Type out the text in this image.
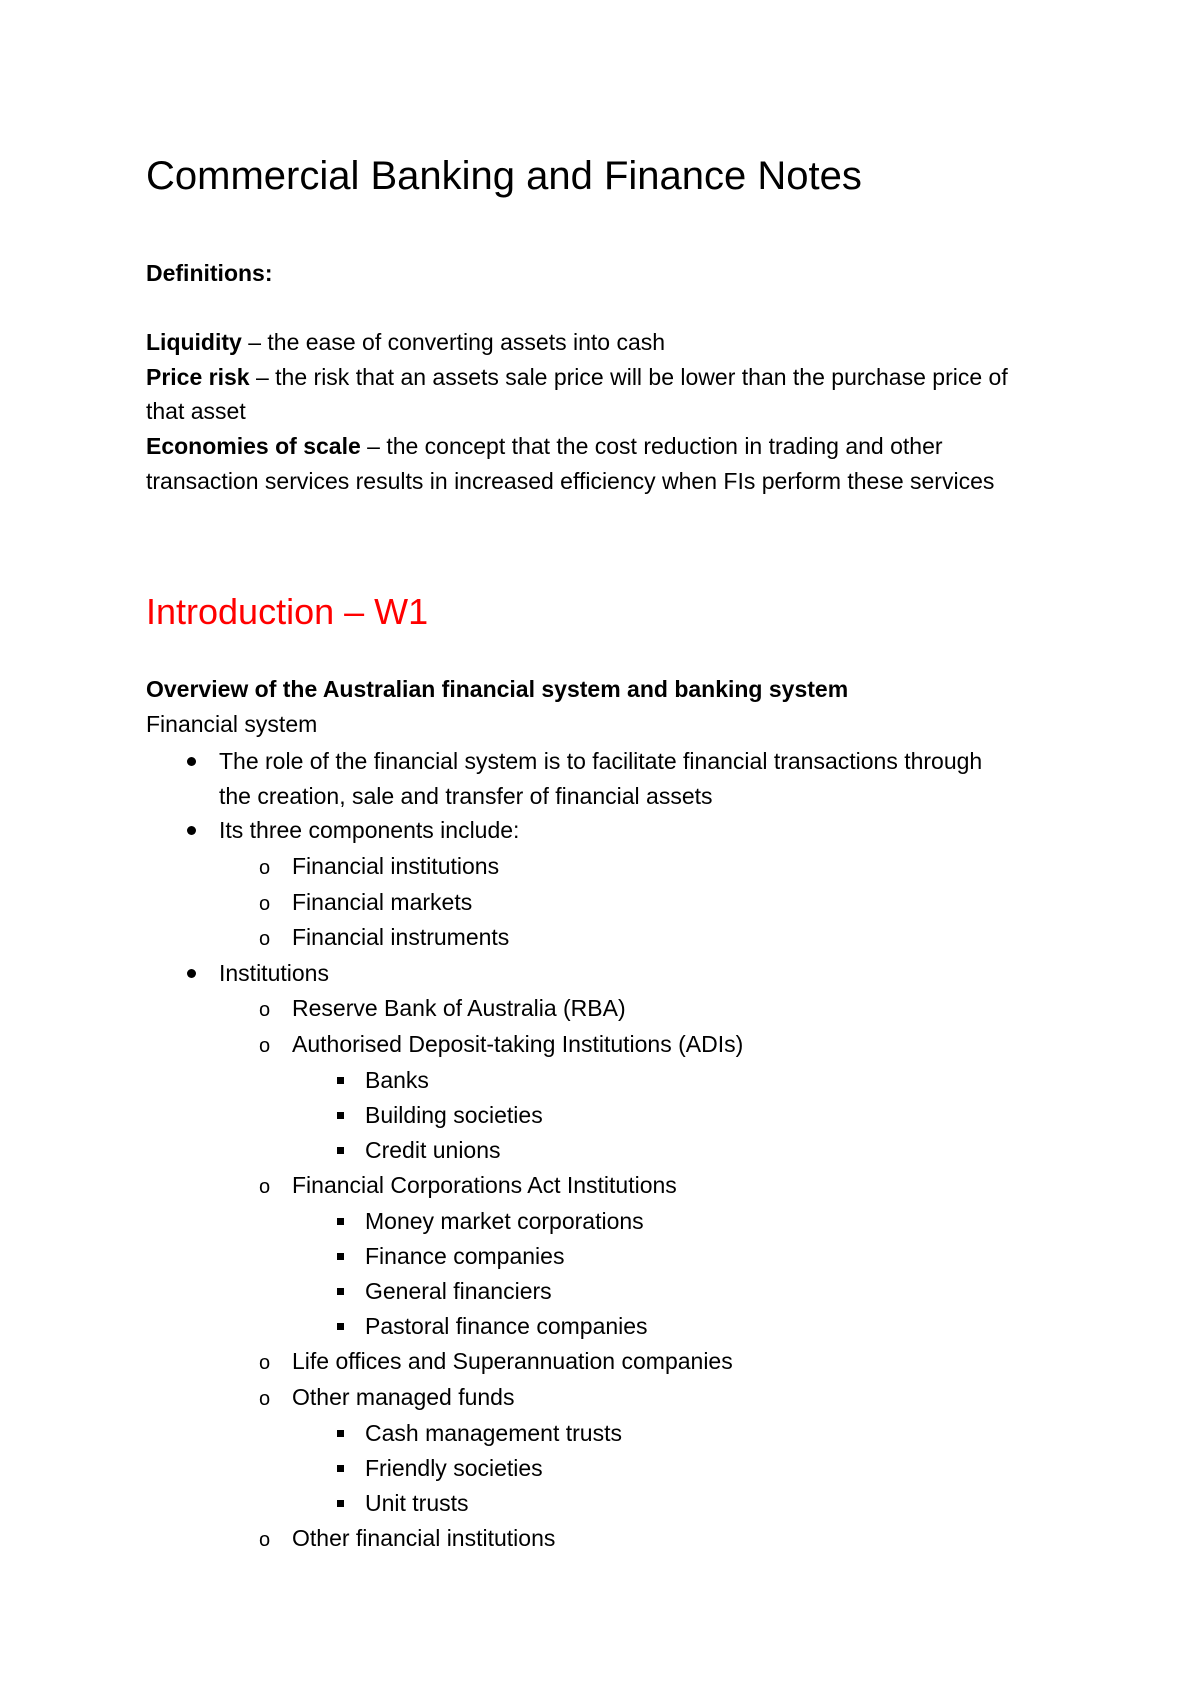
Commercial Banking and Finance Notes
Definitions:

Liquidity – the ease of converting assets into cash

Price risk – the risk that an assets sale price will be lower than the purchase price of that asset

Economies of scale – the concept that the cost reduction in trading and other transaction services results in increased efficiency when FIs perform these services

Introduction – W1
Overview of the Australian financial system and banking system
Financial system
The role of the financial system is to facilitate financial transactions through the creation, sale and transfer of financial assets
Its three components include:
o Financial institutions
o Financial markets
o Financial instruments
Institutions
o Reserve Bank of Australia (RBA)
o Authorised Deposit-taking Institutions (ADIs)
Banks
Building societies
Credit unions
o Financial Corporations Act Institutions
Money market corporations
Finance companies
General financiers
Pastoral finance companies
o Life offices and Superannuation companies
o Other managed funds
Cash management trusts
Friendly societies
Unit trusts
o Other financial institutions
